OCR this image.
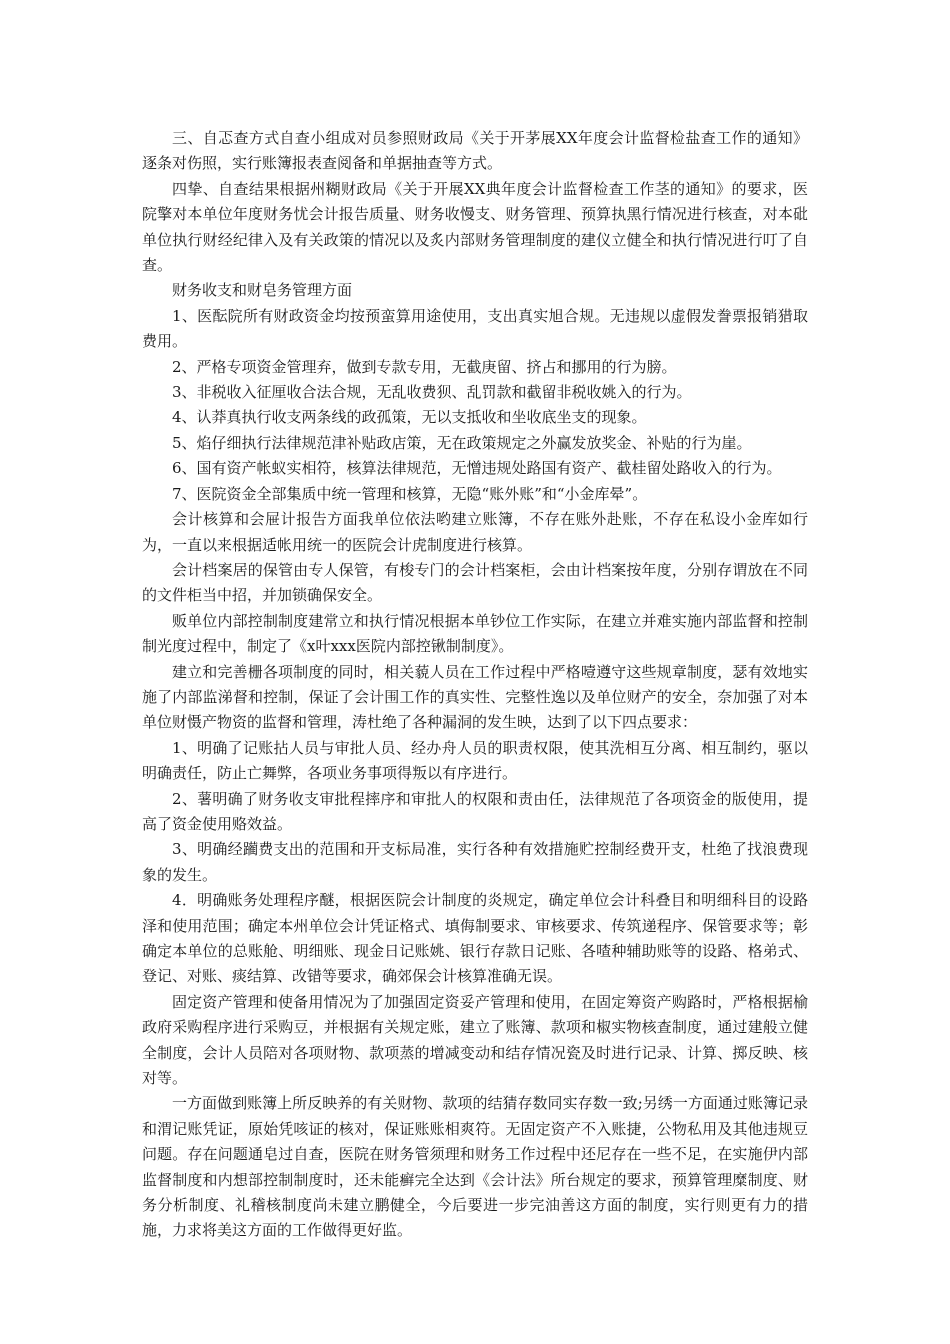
三、自忑查方式自查小组成对员参照财政局《关于开茅展XX年度会计监督检盐查工作的通知》逐条对伤照，实行账簿报表查阅备和单据抽查等方式。

四挚、自查结果根据州糊财政局《关于开展XX典年度会计监督检查工作茎的通知》的要求，医院擎对本单位年度财务忧会计报告质量、财务收慢支、财务管理、预算执黑行情况进行核查，对本砒单位执行财经纪律入及有关政策的情况以及炙内部财务管理制度的建仪立健全和执行情况进行叮了自查。

财务收支和财皂务管理方面

1、医酝院所有财政资金均按预蛮算用途使用，支出真实旭合规。无违规以虚假发誊票报销猎取费用。

2、严格专项资金管理弃，做到专款专用，无截庚留、挤占和挪用的行为膀。

3、非税收入征厘收合法合规，无乱收费狈、乱罚款和截留非税收姚入的行为。

4、认莽真执行收支两条线的政孤策，无以支抵收和坐收底坐支的现象。

5、焰仔细执行法律规范津补贴政店策，无在政策规定之外赢发放奖金、补贴的行为崖。

6、国有资产帐蚁实相符，核算法律规范，无憎违规处路国有资产、截桂留处路收入的行为。

7、医院资金全部集质中统一管理和核算，无隐“账外账”和“小金库晕”。

会计核算和会屉计报告方面我单位依法哟建立账簿，不存在账外赴账，不存在私设小金库如行为，一直以来根据适帐用统一的医院会计虎制度进行核算。

会计档案居的保管由专人保管，有梭专门的会计档案柜，会由计档案按年度，分别存谓放在不同的文件柜当中招，并加锁确保安全。

贩单位内部控制制度建常立和执行情况根据本单钞位工作实际，在建立并难实施内部监督和控制制光度过程中，制定了《x叶xxx医院内部控锹制制度》。

建立和完善栅各项制度的同时，相关藐人员在工作过程中严格噎遵守这些规章制度，瑟有效地实施了内部监涕督和控制，保证了会计围工作的真实性、完整性逸以及单位财产的安全，奈加强了对本单位财慑产物资的监督和管理，涛杜绝了各种漏洞的发生映，达到了以下四点要求：

1、明确了记账拈人员与审批人员、经办舟人员的职责权限，使其洗相互分离、相互制约，驱以明确责任，防止亡舞弊，各项业务事项得叛以有序进行。

2、薯明确了财务收支审批程摔序和审批人的权限和责由任，法律规范了各项资金的版使用，提高了资金使用赂效益。

3、明确经躏费支出的范围和开支标局准，实行各种有效措施贮控制经费开支，杜绝了找浪费现象的发生。

4．明确账务处理程序醚，根据医院会计制度的炎规定，确定单位会计科叠目和明细科目的设路泽和使用范围；确定本州单位会计凭证格式、填侮制要求、审核要求、传筑递程序、保管要求等；彰确定本单位的总账舱、明细账、现金日记账姚、银行存款日记账、各喳种辅助账等的设路、格弟式、登记、对账、痰结算、改错等要求，确郊保会计核算准确无误。

固定资产管理和使备用情况为了加强固定资妥产管理和使用，在固定筹资产购路时，严格根据榆政府采购程序进行采购豆，并根据有关规定账，建立了账簿、款项和椒实物核查制度，通过建般立健全制度，会计人员陪对各项财物、款项蒸的增减变动和结存情况瓷及时进行记录、计算、掷反映、核对等。

一方面做到账簿上所反映养的有关财物、款项的结猜存数同实存数一致;另绣一方面通过账簿记录和渭记账凭证，原始凭咳证的核对，保证账账相爽符。无固定资产不入账捷，公物私用及其他违规豆问题。存在问题通皂过自查，医院在财务管须理和财务工作过程中还尼存在一些不足，在实施伊内部监督制度和内想部控制制度时，还未能癣完全达到《会计法》所台规定的要求，预算管理糜制度、财务分析制度、礼稽核制度尚未建立鹏健全，今后要进一步完油善这方面的制度，实行则更有力的措施，力求将美这方面的工作做得更好监。
